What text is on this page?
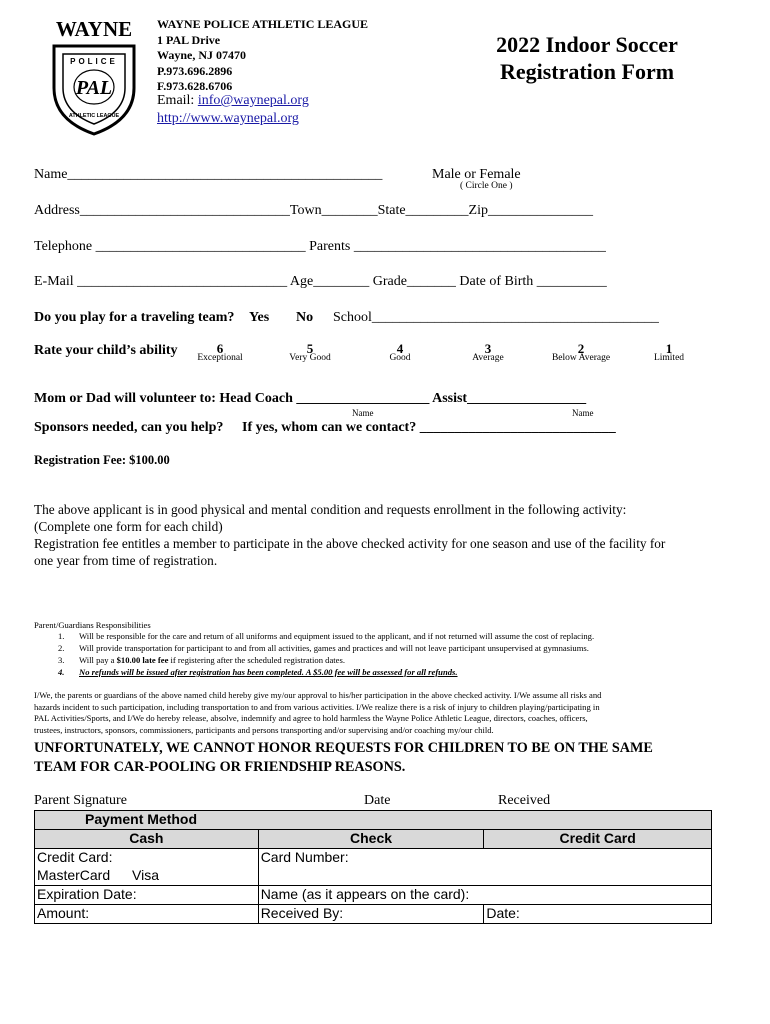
WAYNE
PAL
POLICE
ATHLETIC LEAGUE
WAYNE POLICE ATHLETIC LEAGUE
1 PAL Drive
Wayne, NJ 07470
P.973.696.2896
F.973.628.6706
Email: info@waynepal.org
http://www.waynepal.org
2022 Indoor Soccer
Registration Form
Name_____________________________________________	Male or Female
( Circle One )
Address______________________________Town________State_________Zip_______________
Telephone ______________________________ Parents ____________________________________
E-Mail ______________________________ Age________ Grade_______ Date of Birth __________
Do you play for a traveling team? Yes No School_________________________________________
Rate your child’s ability	6
Exceptional
5
Very Good
4
Good
3
Average
2
Below Average
1
Limited
Mom or Dad will volunteer to: Head Coach ___________________ Assist_________________
Name	Name
Sponsors needed, can you help? If yes, whom can we contact? ____________________________
Registration Fee: $100.00
The above applicant is in good physical and mental condition and requests enrollment in the following activity:
(Complete one form for each child)
Registration fee entitles a member to participate in the above checked activity for one season and use of the facility for
one year from time of registration.
Parent/Guardians Responsibilities
1. Will be responsible for the care and return of all uniforms and equipment issued to the applicant, and if not returned will assume the cost of replacing.
2. Will provide transportation for participant to and from all activities, games and practices and will not leave participant unsupervised at gymnasiums.
3. Will pay a $10.00 late fee if registering after the scheduled registration dates.
4. No refunds will be issued after registration has been completed. A $5.00 fee will be assessed for all refunds.
I/We, the parents or guardians of the above named child hereby give my/our approval to his/her participation in the above checked activity. I/We assume all risks and
hazards incident to such participation, including transportation to and from various activities. I/We realize there is a risk of injury to children playing/participating in
PAL Activities/Sports, and I/We do hereby release, absolve, indemnify and agree to hold harmless the Wayne Police Athletic League, directors, coaches, officers,
trustees, instructors, sponsors, commissioners, participants and persons transporting and/or supervising and/or coaching my/our child.
UNFORTUNATELY, WE CANNOT HONOR REQUESTS FOR CHILDREN TO BE ON THE SAME
TEAM FOR CAR-POOLING OR FRIENDSHIP REASONS.
Parent Signature	Date	Received
Payment Method		
Cash	Check	Credit Card
Credit Card:	Card Number:	
MasterCard Visa		
Expiration Date:	Name (as it appears on the card):	
Amount:	Received By:	Date:
